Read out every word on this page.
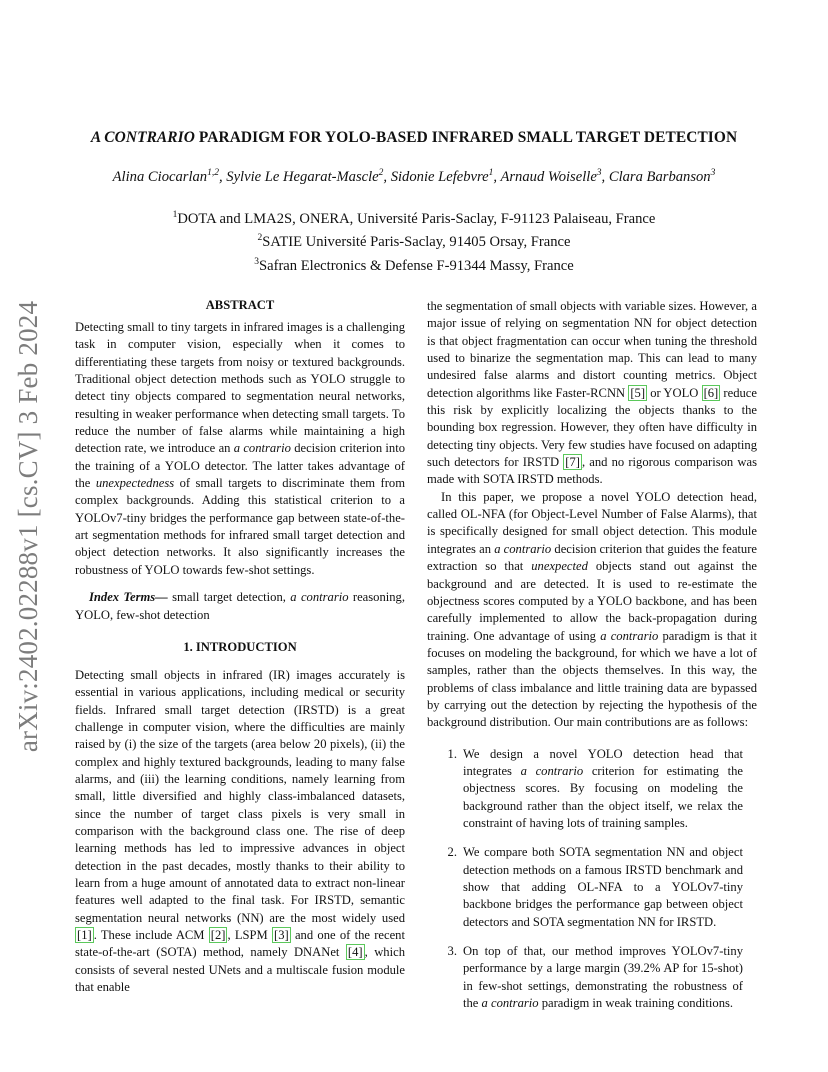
arXiv:2402.02288v1 [cs.CV] 3 Feb 2024
A CONTRARIO PARADIGM FOR YOLO-BASED INFRARED SMALL TARGET DETECTION
Alina Ciocarlan$^{1,2}$, Sylvie Le Hegarat-Mascle$^2$, Sidonie Lefebvre$^1$, Arnaud Woiselle$^3$, Clara Barbanson$^3$
$^1$DOTA and LMA2S, ONERA, Université Paris-Saclay, F-91123 Palaiseau, France
$^2$SATIE Université Paris-Saclay, 91405 Orsay, France
$^3$Safran Electronics & Defense F-91344 Massy, France
ABSTRACT

Detecting small to tiny targets in infrared images is a challenging task in computer vision, especially when it comes to differentiating these targets from noisy or textured backgrounds. Traditional object detection methods such as YOLO struggle to detect tiny objects compared to segmentation neural networks, resulting in weaker performance when detecting small targets. To reduce the number of false alarms while maintaining a high detection rate, we introduce an a contrario decision criterion into the training of a YOLO detector. The latter takes advantage of the unexpectedness of small targets to discriminate them from complex backgrounds. Adding this statistical criterion to a YOLOv7-tiny bridges the performance gap between state-of-the-art segmentation methods for infrared small target detection and object detection networks. It also significantly increases the robustness of YOLO towards few-shot settings.

Index Terms— small target detection, a contrario reasoning, YOLO, few-shot detection

1. INTRODUCTION

Detecting small objects in infrared (IR) images accurately is essential in various applications, including medical or security fields. Infrared small target detection (IRSTD) is a great challenge in computer vision, where the difficulties are mainly raised by (i) the size of the targets (area below 20 pixels), (ii) the complex and highly textured backgrounds, leading to many false alarms, and (iii) the learning conditions, namely learning from small, little diversified and highly class-imbalanced datasets, since the number of target class pixels is very small in comparison with the background class one. The rise of deep learning methods has led to impressive advances in object detection in the past decades, mostly thanks to their ability to learn from a huge amount of annotated data to extract non-linear features well adapted to the final task. For IRSTD, semantic segmentation neural networks (NN) are the most widely used [1] . These include ACM [2] , LSPM [3] and one of the recent state-of-the-art (SOTA) method, namely DNANet [4] , which consists of several nested UNets and a multiscale fusion module that enable

the segmentation of small objects with variable sizes. However, a major issue of relying on segmentation NN for object detection is that object fragmentation can occur when tuning the threshold used to binarize the segmentation map. This can lead to many undesired false alarms and distort counting metrics. Object detection algorithms like Faster-RCNN [5] or YOLO [6] reduce this risk by explicitly localizing the objects thanks to the bounding box regression. However, they often have difficulty in detecting tiny objects. Very few studies have focused on adapting such detectors for IRSTD [7] , and no rigorous comparison was made with SOTA IRSTD methods.

In this paper, we propose a novel YOLO detection head, called OL-NFA (for Object-Level Number of False Alarms), that is specifically designed for small object detection. This module integrates an a contrario decision criterion that guides the feature extraction so that unexpected objects stand out against the background and are detected. It is used to re-estimate the objectness scores computed by a YOLO backbone, and has been carefully implemented to allow the back-propagation during training. One advantage of using a contrario paradigm is that it focuses on modeling the background, for which we have a lot of samples, rather than the objects themselves. In this way, the problems of class imbalance and little training data are bypassed by carrying out the detection by rejecting the hypothesis of the background distribution. Our main contributions are as follows:

1. We design a novel YOLO detection head that integrates a contrario criterion for estimating the objectness scores. By focusing on modeling the background rather than the object itself, we relax the constraint of having lots of training samples.

2. We compare both SOTA segmentation NN and object detection methods on a famous IRSTD benchmark and show that adding OL-NFA to a YOLOv7-tiny backbone bridges the performance gap between object detectors and SOTA segmentation NN for IRSTD.

3. On top of that, our method improves YOLOv7-tiny performance by a large margin (39.2% AP for 15-shot) in few-shot settings, demonstrating the robustness of the a contrario paradigm in weak training conditions.
